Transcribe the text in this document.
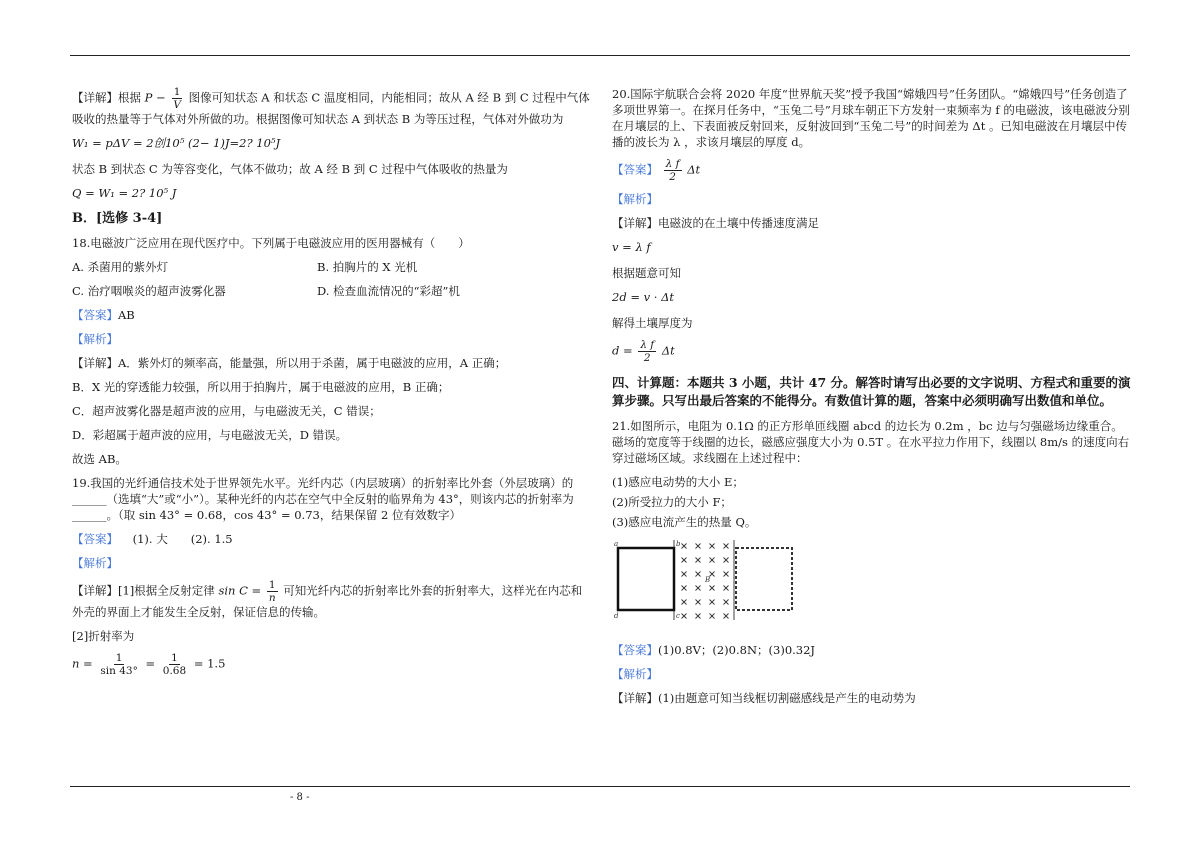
【详解】根据 $P - \frac{1}{V}$ 图像可知状态 A 和状态 C 温度相同，内能相同；故从 A 经 B 到 C 过程中气体吸收的热量等于气体对外所做的功。根据图像可知状态 A 到状态 B 为等压过程，气体对外做功为

W₁ = pΔV = 2创10⁵ (2− 1)J=2? 10⁵J

状态 B 到状态 C 为等容变化，气体不做功；故 A 经 B 到 C 过程中气体吸收的热量为

Q = W₁ = 2? 10⁵ J

B．[选修 3-4]

18.电磁波广泛应用在现代医疗中。下列属于电磁波应用的医用器械有（　　）

A. 杀菌用的紫外灯	B. 拍胸片的 X 光机
C. 治疗咽喉炎的超声波雾化器	D. 检查血流情况的“彩超”机

【答案】AB

【解析】

【详解】A．紫外灯的频率高，能量强，所以用于杀菌，属于电磁波的应用，A 正确；

B．X 光的穿透能力较强，所以用于拍胸片，属于电磁波的应用，B 正确；

C．超声波雾化器是超声波的应用，与电磁波无关，C 错误；

D．彩超属于超声波的应用，与电磁波无关，D 错误。

故选 AB。

19.我国的光纤通信技术处于世界领先水平。光纤内芯（内层玻璃）的折射率比外套（外层玻璃）的______（选填“大”或“小”）。某种光纤的内芯在空气中全反射的临界角为 43°，则该内芯的折射率为______。（取 sin 43° = 0.68，cos 43° = 0.73，结果保留 2 位有效数字）

【答案】 (1). 大　　(2). 1.5

【解析】

【详解】[1]根据全反射定律 $\sin C = \frac{1}{n}$ 可知光纤内芯的折射率比外套的折射率大，这样光在内芯和外壳的界面上才能发生全反射，保证信息的传输。

[2]折射率为

$n = \frac{1}{\sin 43^\circ} = \frac{1}{0.68} = 1.5$

20.国际宇航联合会将 2020 年度“世界航天奖”授予我国“嫦娥四号”任务团队。“嫦娥四号”任务创造了多项世界第一。在探月任务中，“玉兔二号”月球车朝正下方发射一束频率为 f 的电磁波，该电磁波分别在月壤层的上、下表面被反射回来，反射波回到“玉兔二号”的时间差为 Δt 。已知电磁波在月壤层中传播的波长为 λ ，求该月壤层的厚度 d。

【答案】 $\frac{\text{λ f}}{2}$ Δt

【解析】

【详解】电磁波的在土壤中传播速度满足

v = λ f

根据题意可知

2d = v · Δt

解得土壤厚度为

$d = \frac{\text{λ f}}{2}$ Δt

四、计算题：本题共 3 小题，共计 47 分。解答时请写出必要的文字说明、方程式和重要的演算步骤。只写出最后答案的不能得分。有数值计算的题，答案中必须明确写出数值和单位。

21.如图所示，电阻为 0.1Ω 的正方形单匝线圈 abcd 的边长为 0.2m ，bc 边与匀强磁场边缘重合。磁场的宽度等于线圈的边长，磁感应强度大小为 0.5T 。在水平拉力作用下，线圈以 8m/s 的速度向右穿过磁场区域。求线圈在上述过程中：

(1)感应电动势的大小 E；

(2)所受拉力的大小 F；

(3)感应电流产生的热量 Q。

a	b
c
d
B

【答案】(1)0.8V；(2)0.8N；(3)0.32J

【解析】

【详解】(1)由题意可知当线框切割磁感线是产生的电动势为

- 8 -
